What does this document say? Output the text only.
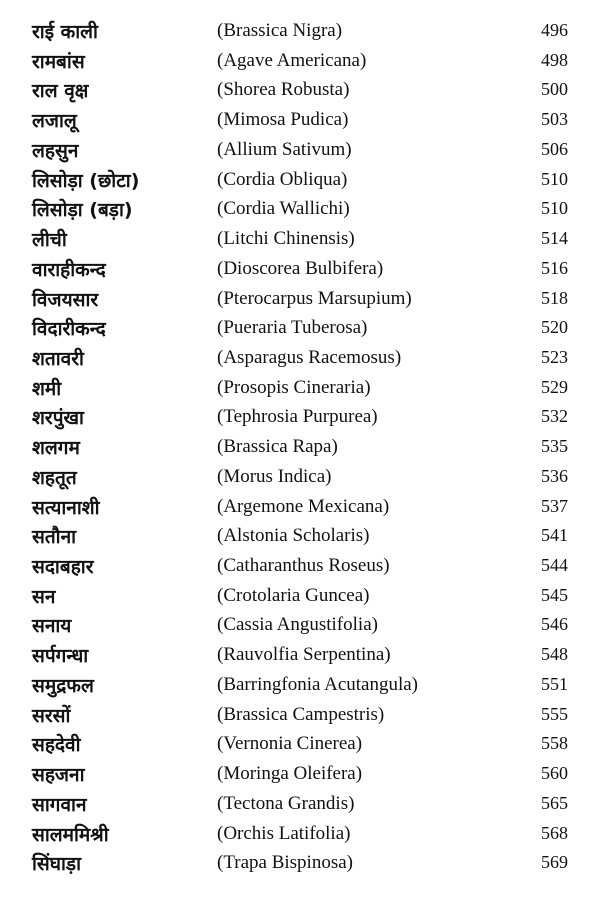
राई काली	(Brassica Nigra)	496
रामबांस	(Agave Americana)	498
राल वृक्ष	(Shorea Robusta)	500
लजालू	(Mimosa Pudica)	503
लहसुन	(Allium Sativum)	506
लिसोड़ा (छोटा)	(Cordia Obliqua)	510
लिसोड़ा (बड़ा)	(Cordia Wallichi)	510
लीची	(Litchi Chinensis)	514
वाराहीकन्द	(Dioscorea Bulbifera)	516
विजयसार	(Pterocarpus Marsupium)	518
विदारीकन्द	(Pueraria Tuberosa)	520
शतावरी	(Asparagus Racemosus)	523
शमी	(Prosopis Cineraria)	529
शरपुंखा	(Tephrosia Purpurea)	532
शलगम	(Brassica Rapa)	535
शहतूत	(Morus Indica)	536
सत्यानाशी	(Argemone Mexicana)	537
सतौना	(Alstonia Scholaris)	541
सदाबहार	(Catharanthus Roseus)	544
सन	(Crotolaria Guncea)	545
सनाय	(Cassia Angustifolia)	546
सर्पगन्धा	(Rauvolfia Serpentina)	548
समुद्रफल	(Barringfonia Acutangula)	551
सरसों	(Brassica Campestris)	555
सहदेवी	(Vernonia Cinerea)	558
सहजना	(Moringa Oleifera)	560
सागवान	(Tectona Grandis)	565
सालममिश्री	(Orchis Latifolia)	568
सिंघाड़ा	(Trapa Bispinosa)	569
